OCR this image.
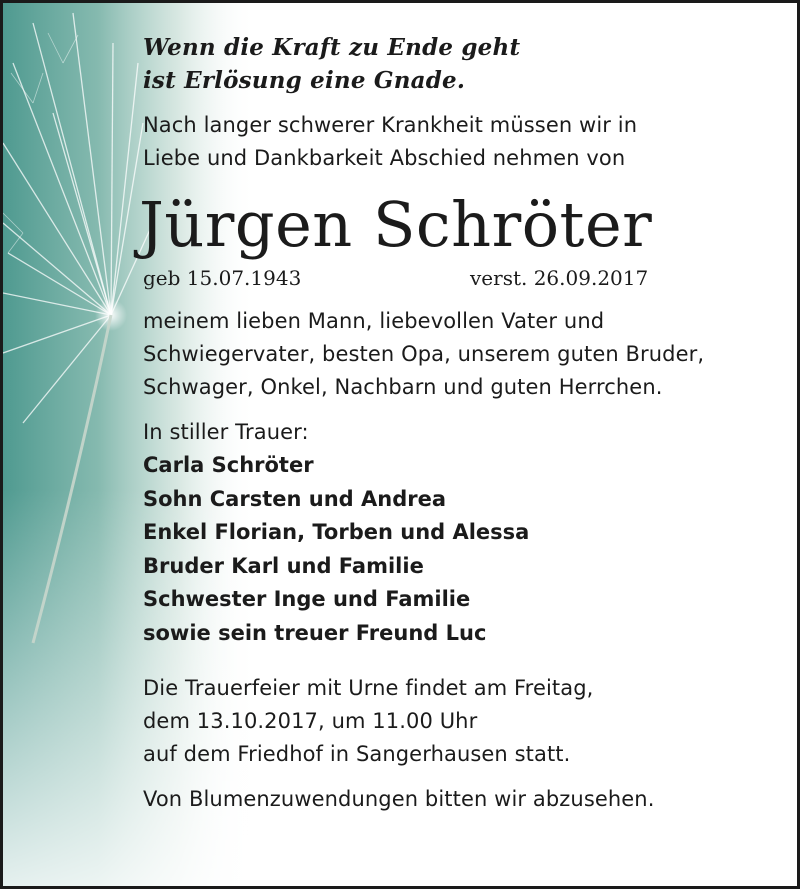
Wenn die Kraft zu Ende geht
ist Erlösung eine Gnade.

Nach langer schwerer Krankheit müssen wir in

Liebe und Dankbarkeit Abschied nehmen von

Jürgen Schröter
geb 15.07.1943	verst. 26.09.2017

meinem lieben Mann, liebevollen Vater und

Schwiegervater, besten Opa, unserem guten Bruder,

Schwager, Onkel, Nachbarn und guten Herrchen.

In stiller Trauer:

Carla Schröter

Sohn Carsten und Andrea

Enkel Florian, Torben und Alessa

Bruder Karl und Familie

Schwester Inge und Familie

sowie sein treuer Freund Luc

Die Trauerfeier mit Urne findet am Freitag,

dem 13.10.2017, um 11.00 Uhr

auf dem Friedhof in Sangerhausen statt.

Von Blumenzuwendungen bitten wir abzusehen.
